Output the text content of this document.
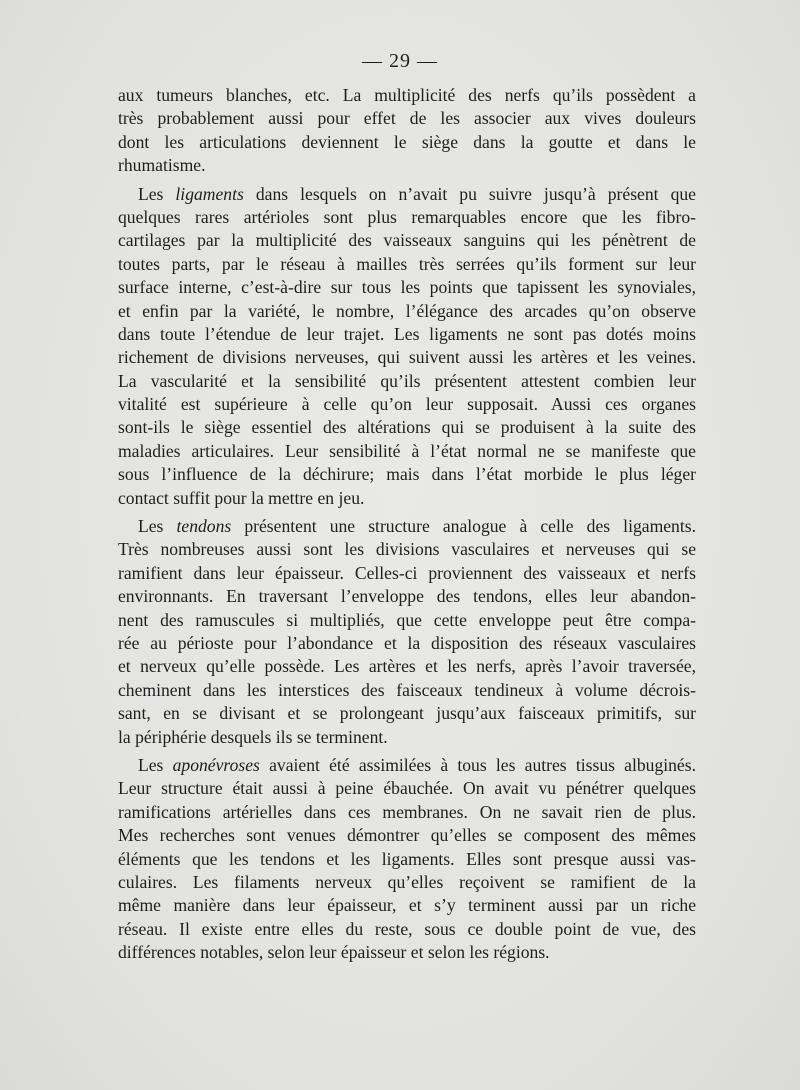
— 29 —
aux tumeurs blanches, etc. La multiplicité des nerfs qu’ils possèdent a
très probablement aussi pour effet de les associer aux vives douleurs
dont les articulations deviennent le siège dans la goutte et dans le
rhumatisme.
Les ligaments dans lesquels on n’avait pu suivre jusqu’à présent que
quelques rares artérioles sont plus remarquables encore que les fibro-
cartilages par la multiplicité des vaisseaux sanguins qui les pénètrent de
toutes parts, par le réseau à mailles très serrées qu’ils forment sur leur
surface interne, c’est-à-dire sur tous les points que tapissent les synoviales,
et enfin par la variété, le nombre, l’élégance des arcades qu’on observe
dans toute l’étendue de leur trajet. Les ligaments ne sont pas dotés moins
richement de divisions nerveuses, qui suivent aussi les artères et les veines.
La vascularité et la sensibilité qu’ils présentent attestent combien leur
vitalité est supérieure à celle qu’on leur supposait. Aussi ces organes
sont-ils le siège essentiel des altérations qui se produisent à la suite des
maladies articulaires. Leur sensibilité à l’état normal ne se manifeste que
sous l’influence de la déchirure; mais dans l’état morbide le plus léger
contact suffit pour la mettre en jeu.
Les tendons présentent une structure analogue à celle des ligaments.
Très nombreuses aussi sont les divisions vasculaires et nerveuses qui se
ramifient dans leur épaisseur. Celles-ci proviennent des vaisseaux et nerfs
environnants. En traversant l’enveloppe des tendons, elles leur abandon-
nent des ramuscules si multipliés, que cette enveloppe peut être compa-
rée au périoste pour l’abondance et la disposition des réseaux vasculaires
et nerveux qu’elle possède. Les artères et les nerfs, après l’avoir traversée,
cheminent dans les interstices des faisceaux tendineux à volume décrois-
sant, en se divisant et se prolongeant jusqu’aux faisceaux primitifs, sur
la périphérie desquels ils se terminent.
Les aponévroses avaient été assimilées à tous les autres tissus albuginés.
Leur structure était aussi à peine ébauchée. On avait vu pénétrer quelques
ramifications artérielles dans ces membranes. On ne savait rien de plus.
Mes recherches sont venues démontrer qu’elles se composent des mêmes
éléments que les tendons et les ligaments. Elles sont presque aussi vas-
culaires. Les filaments nerveux qu’elles reçoivent se ramifient de la
même manière dans leur épaisseur, et s’y terminent aussi par un riche
réseau. Il existe entre elles du reste, sous ce double point de vue, des
différences notables, selon leur épaisseur et selon les régions.
